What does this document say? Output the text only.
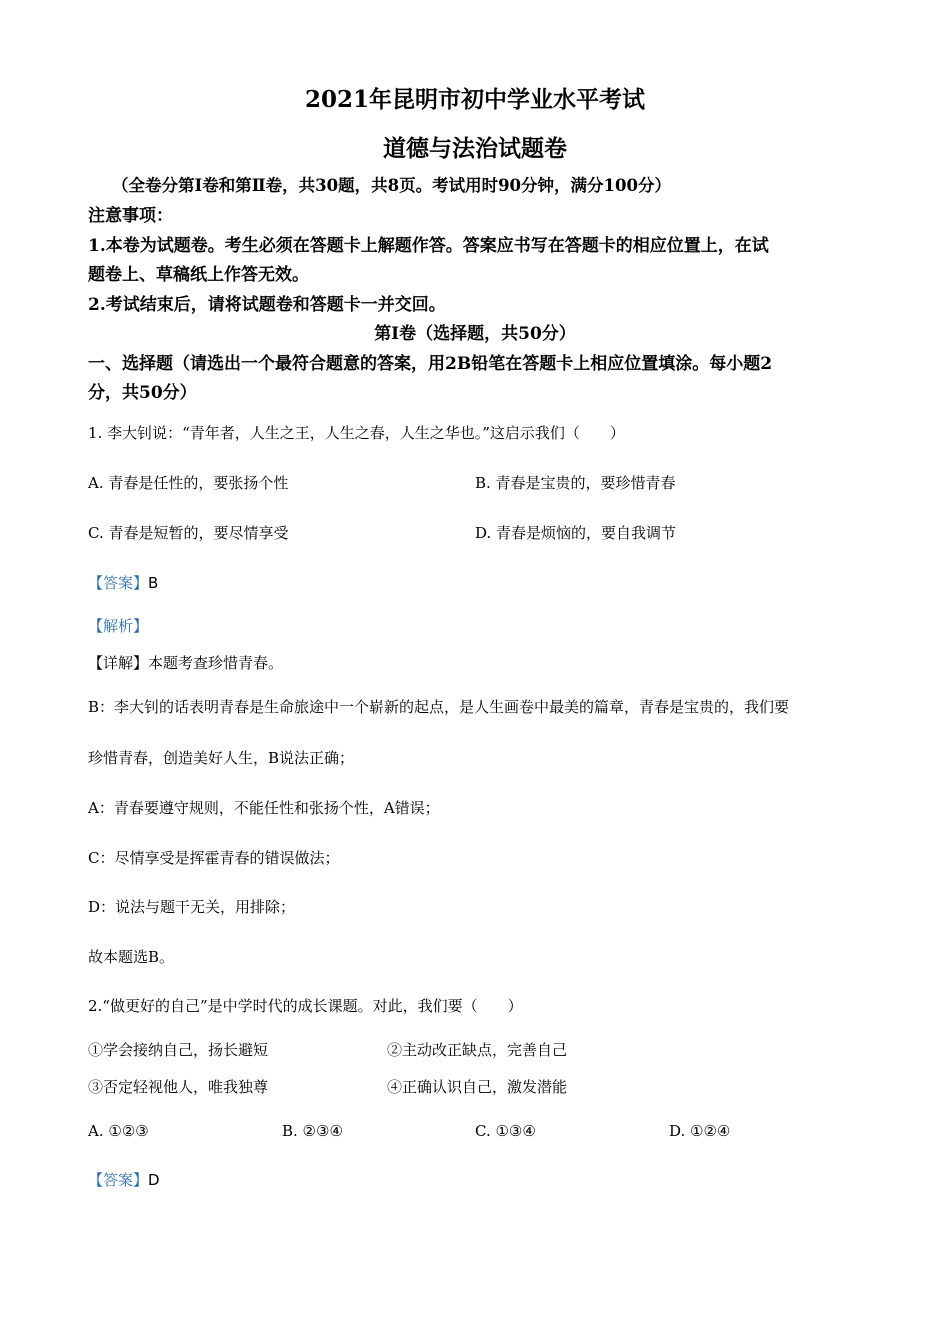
2021年昆明市初中学业水平考试
道德与法治试题卷
（全卷分第Ⅰ卷和第Ⅱ卷，共30题，共8页。考试用时90分钟，满分100分）
注意事项：
1.本卷为试题卷。考生必须在答题卡上解题作答。答案应书写在答题卡的相应位置上，在试
题卷上、草稿纸上作答无效。
2.考试结束后，请将试题卷和答题卡一并交回。
第Ⅰ卷（选择题，共50分）
一、选择题（请选出一个最符合题意的答案，用2B铅笔在答题卡上相应位置填涂。每小题2
分，共50分）
1. 李大钊说：“青年者，人生之王，人生之春，人生之华也。”这启示我们（　　）
A. 青春是任性的，要张扬个性	B. 青春是宝贵的，要珍惜青春
C. 青春是短暂的，要尽情享受	D. 青春是烦恼的，要自我调节
【答案】B
【解析】
【详解】本题考查珍惜青春。
B：李大钊的话表明青春是生命旅途中一个崭新的起点，是人生画卷中最美的篇章，青春是宝贵的，我们要
珍惜青春，创造美好人生，B说法正确；
A：青春要遵守规则，不能任性和张扬个性，A错误；
C：尽情享受是挥霍青春的错误做法；
D：说法与题干无关，用排除；
故本题选B。
2.“做更好的自己”是中学时代的成长课题。对此，我们要（　　）
①学会接纳自己，扬长避短	②主动改正缺点，完善自己
③否定轻视他人，唯我独尊	④正确认识自己，激发潜能
A. ①②③	B. ②③④	C. ①③④	D. ①②④
【答案】D
